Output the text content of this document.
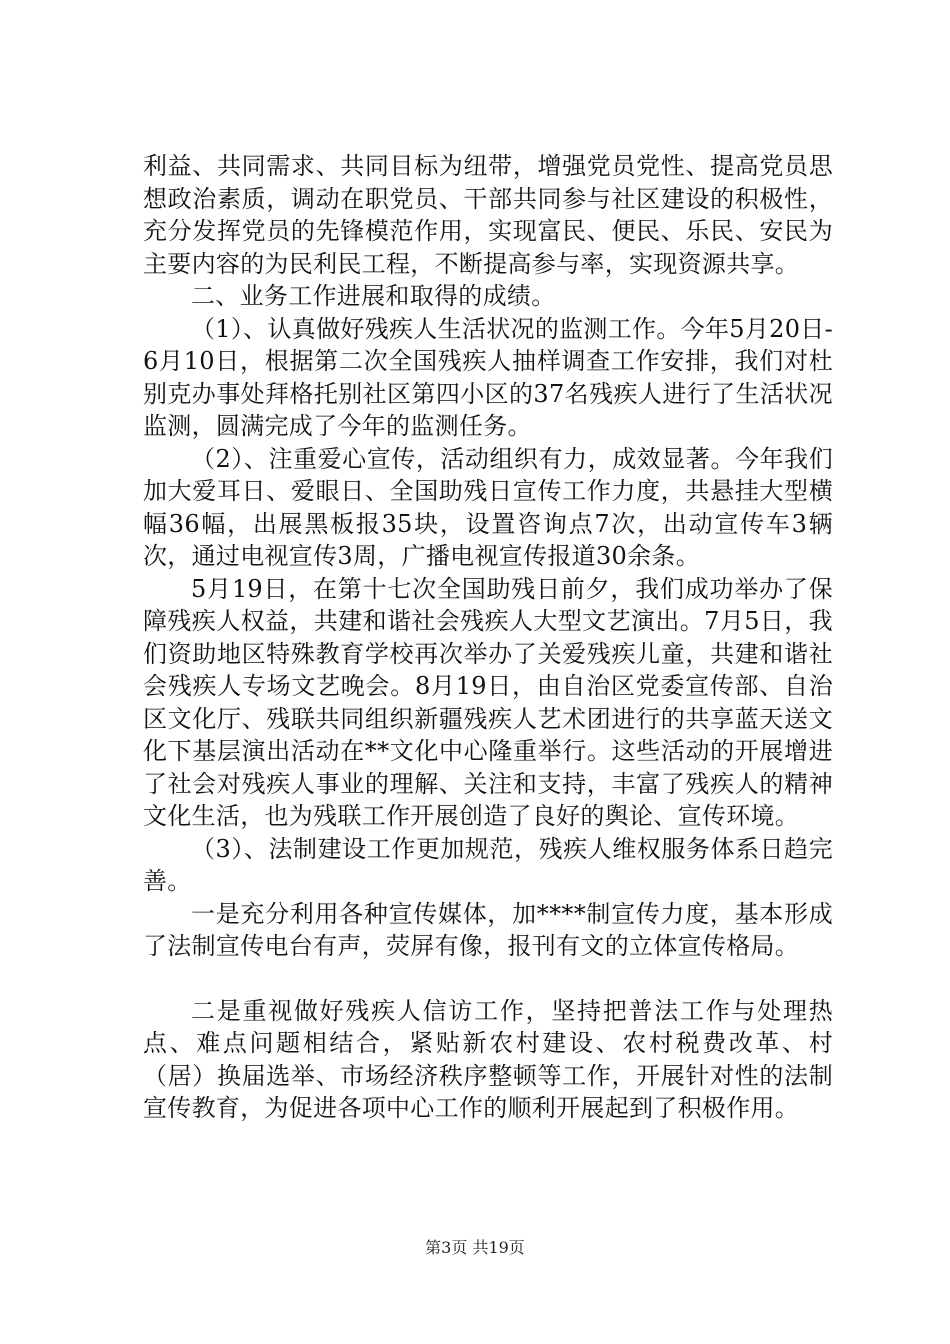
利益、共同需求、共同目标为纽带，增强党员党性、提高党员思想政治素质，调动在职党员、干部共同参与社区建设的积极性，充分发挥党员的先锋模范作用，实现富民、便民、乐民、安民为主要内容的为民利民工程，不断提高参与率，实现资源共享。

二、业务工作进展和取得的成绩。

（1）、认真做好残疾人生活状况的监测工作。今年5月20日-6月10日，根据第二次全国残疾人抽样调查工作安排，我们对杜别克办事处拜格托别社区第四小区的37名残疾人进行了生活状况监测，圆满完成了今年的监测任务。

（2）、注重爱心宣传，活动组织有力，成效显著。今年我们加大爱耳日、爱眼日、全国助残日宣传工作力度，共悬挂大型横幅36幅，出展黑板报35块，设置咨询点7次，出动宣传车3辆次，通过电视宣传3周，广播电视宣传报道30余条。

5月19日，在第十七次全国助残日前夕，我们成功举办了保障残疾人权益，共建和谐社会残疾人大型文艺演出。7月5日，我们资助地区特殊教育学校再次举办了关爱残疾儿童，共建和谐社会残疾人专场文艺晚会。8月19日，由自治区党委宣传部、自治区文化厅、残联共同组织新疆残疾人艺术团进行的共享蓝天送文化下基层演出活动在**文化中心隆重举行。这些活动的开展增进了社会对残疾人事业的理解、关注和支持，丰富了残疾人的精神文化生活，也为残联工作开展创造了良好的舆论、宣传环境。

（3）、法制建设工作更加规范，残疾人维权服务体系日趋完善。

一是充分利用各种宣传媒体，加****制宣传力度，基本形成了法制宣传电台有声，荧屏有像，报刊有文的立体宣传格局。

二是重视做好残疾人信访工作，坚持把普法工作与处理热点、难点问题相结合，紧贴新农村建设、农村税费改革、村（居）换届选举、市场经济秩序整顿等工作，开展针对性的法制宣传教育，为促进各项中心工作的顺利开展起到了积极作用。

第3页 共19页
